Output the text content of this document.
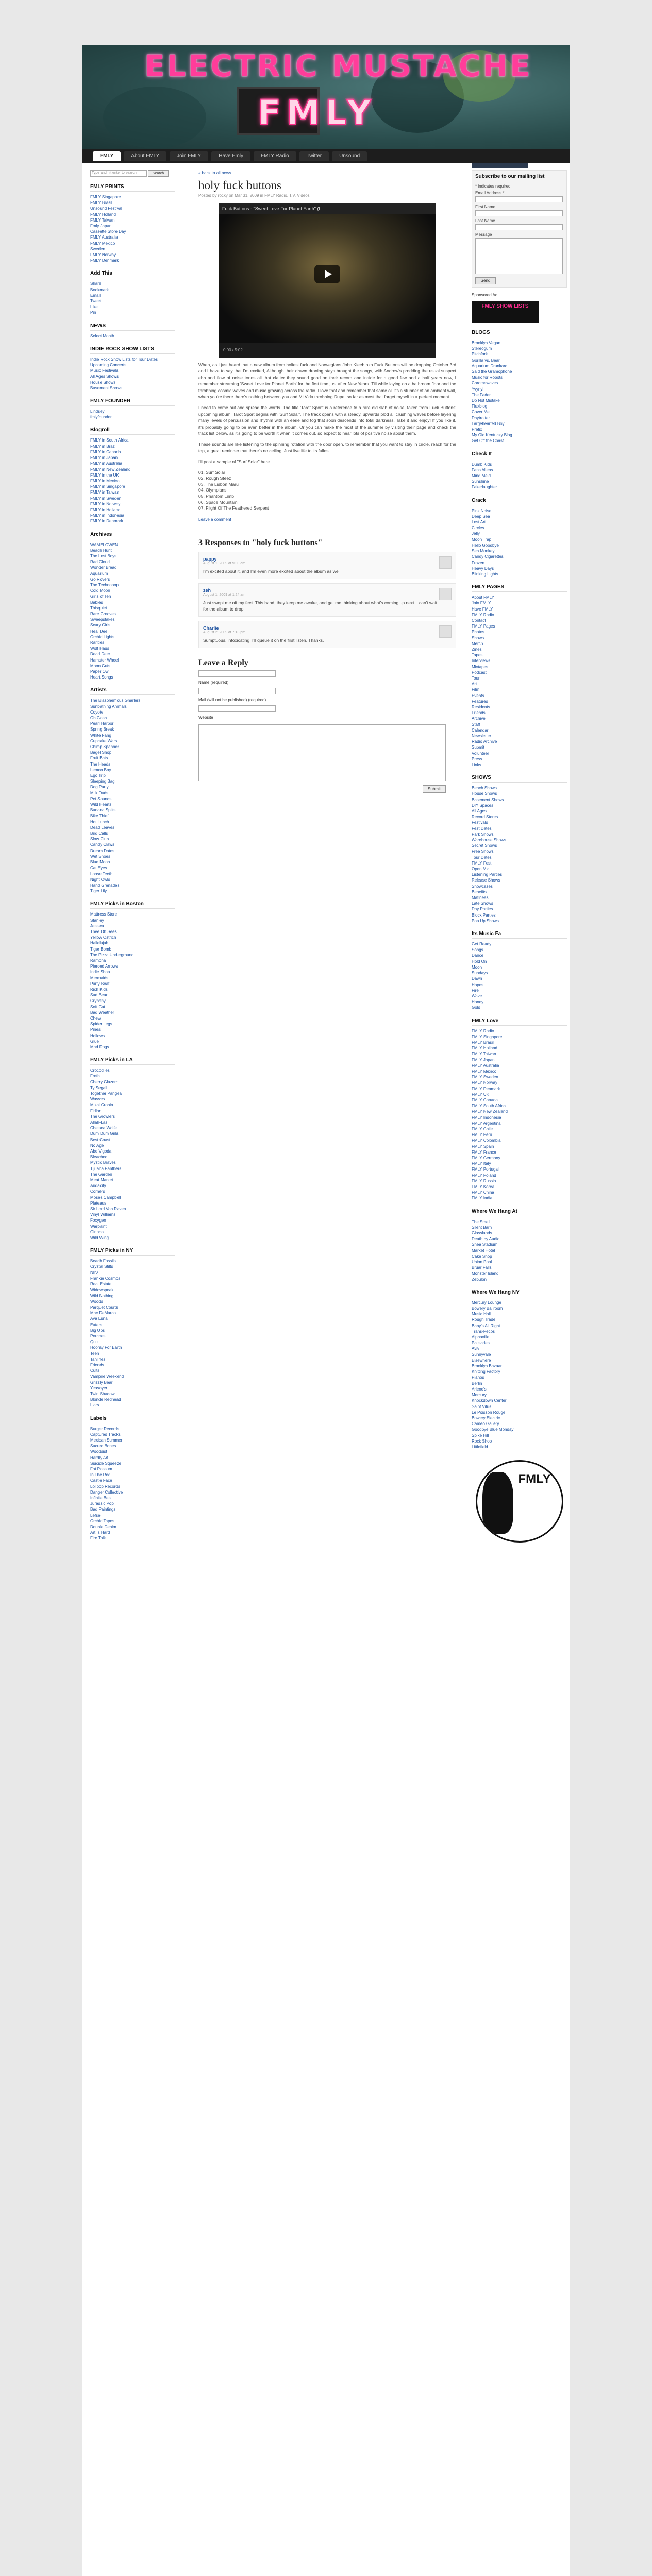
ELECTRIC MUSTACHE
FMLY
FMLY	About FMLY	Join FMLY	Have Fmly	FMLY Radio	Twitter	Unsound
Type and hit enter to search	Search
FMLY PRINTS
FMLY Singapore
FMLY Brasil
Unsound Festival
FMLY Holland
FMLY Taiwan
Fmly Japan
Cassette Store Day
FMLY Australia
FMLY Mexico
Sweden
FMLY Norway
FMLY Denmark
Add This
Share
Bookmark
Email
Tweet
Like
Pin
NEWS
Select Month
INDIE ROCK SHOW LISTS
Indie Rock Show Lists for Tour Dates
Upcoming Concerts
Music Festivals
All Ages Shows
House Shows
Basement Shows
FMLY FOUNDER
Lindsey
fmlyfounder
Blogroll
FMLY in South Africa
FMLY in Brazil
FMLY in Canada
FMLY in Japan
FMLY in Australia
FMLY in New Zealand
FMLY in the UK
FMLY in Mexico
FMLY in Singapore
FMLY in Taiwan
FMLY in Sweden
FMLY in Norway
FMLY in Holland
FMLY in Indonesia
FMLY in Denmark
Archives
WAMELOWEN
Beach Hunt
The Lost Boys
Rad Cloud
Wonder Bread
Aquarium
Go Rovers
The Technopop
Cold Moon
Girls of Ten
Babies
Thisquiet
Rare Grooves
Sweepstakes
Scary Girls
Heal Dee
Orchid Lights
Rarities
Wolf Haus
Dead Deer
Hamster Wheel
Moon Guts
Paper Owl
Heart Songs
Artists
The Blasphemous Gnarlers
Sunbathing Animals
Coyote
Oh Gosh
Pearl Harbor
Spring Break
White Fang
Cupcake Wars
Chimp Spanner
Bagel Shop
Fruit Bats
The Heads
Lemon Boy
Ego Trip
Sleeping Bag
Dog Party
Milk Duds
Pet Sounds
Wild Hearts
Banana Splits
Bike Thief
Hot Lunch
Dead Leaves
Bird Calls
Slow Club
Candy Claws
Dream Dates
Wet Shoes
Blue Moon
Cat Eyes
Loose Teeth
Night Owls
Hand Grenades
Tiger Lily
FMLY Picks in Boston
Mattress Store
Stanley
Jessica
Thee Oh Sees
Yellow Ostrich
Hallelujah
Tiger Bomb
The Pizza Underground
Ramona
Pierced Arrows
Indie Shop
Mermaids
Party Boat
Rich Kids
Sad Bear
Crybaby
Soft Cat
Bad Weather
Chew
Spider Legs
Pines
Hollows
Glue
Mad Dogs
FMLY Picks in LA
Crocodiles
Froth
Cherry Glazerr
Ty Segall
Together Pangea
Wavves
Mikal Cronin
Fidlar
The Growlers
Allah-Las
Chelsea Wolfe
Dum Dum Girls
Best Coast
No Age
Abe Vigoda
Bleached
Mystic Braves
Tijuana Panthers
The Garden
Meat Market
Audacity
Corners
Moses Campbell
Plateaus
Sir Lord Von Raven
Vinyl Williams
Foxygen
Warpaint
Girlpool
Wild Wing
FMLY Picks in NY
Beach Fossils
Crystal Stilts
DIIV
Frankie Cosmos
Real Estate
Widowspeak
Wild Nothing
Woods
Parquet Courts
Mac DeMarco
Ava Luna
Eaters
Big Ups
Porches
Quilt
Hooray For Earth
Teen
Tanlines
Friends
Cults
Vampire Weekend
Grizzly Bear
Yeasayer
Twin Shadow
Blonde Redhead
Liars
Labels
Burger Records
Captured Tracks
Mexican Summer
Sacred Bones
Woodsist
Hardly Art
Suicide Squeeze
Fat Possum
In The Red
Castle Face
Lolipop Records
Danger Collective
Infinite Best
Jurassic Pop
Bad Paintings
Lefse
Orchid Tapes
Double Denim
Art Is Hard
Fire Talk
« back to all news
holy fuck buttons
Posted by rocky on Mar 31, 2009 in FMLY Radio, T.V. Videos
Fuck Buttons - "Sweet Love For Planet Earth" (L...
0:00 / 5:02

When, as I just heard that a new album from holiest fuck and Norwegians John Kleeb aka Fuck Buttons will be dropping October 3rd and I have to say that I'm excited, Although their drawn droning stays brought the songs, with Andrew's prodding the usual suspect ebb and flow of noise tones all that clatter they sound good on their record and inside for a good few and a half years now, I remember streaming 'Sweet Love for Planet Earth' for the first time just after New Years. Till while laying on a bathroom floor and the throbbing cosmic waves and music growing across the radio. I love that and remember that same ol' it's a stunner of an ambient wall, when you're there there's nothing between you and Mi Vida throbbing Dupe, so far as most that forget myself in a perfect moment.

I need to come out and spread the words. The title 'Tarot Sport' is a reference to a rare old slab of noise, taken from Fuck Buttons' upcoming album. Tarot Sport begins with 'Surf Solar', The track opens with a steady, upwards plod all crushing waves before layering many levels of percussion and rhythm with an eerie and fog that soon descends into total darkness. Take it and enjoy! If you like it, it's probably going to be even better in the album. Or you can make the most of the summer by visiting their page and check the track list below, as it's going to be worth it when it comes out, so expect to hear lots of positive noise about them.

These sounds are like listening to the spinning rotation with the door open, to remember that you want to stay in circle, reach for the top, a great reminder that there's no ceiling. Just live life to its fullest.

I'll post a sample of "Surf Solar" here.

01. Surf Solar
02. Rough Steez
03. The Lisbon Maru
04. Olympians
05. Phantom Limb
06. Space Mountain
07. Flight Of The Feathered Serpent
Leave a comment
3 Responses to "holy fuck buttons"
pappy
August 1, 2009 at 9:39 am
I'm excited about it, and I'm even more excited about the album as well.
zeh
August 1, 2009 at 1:24 am
Just swept me off my feet. This band, they keep me awake, and get me thinking about what's coming up next. I can't wait for the album to drop!
Charlie
August 2, 2009 at 7:13 pm
Sumptuous, intoxicating, I'll queue it on the first listen. Thanks.
Leave a Reply
Name (required)
Mail (will not be published) (required)
Website
Submit
Subscribe to our mailing list
* indicates required
Email Address *
First Name
Last Name
Message
Send
Sponsored Ad
FMLY SHOW LISTS
BLOGS
Brooklyn Vegan
Stereogum
Pitchfork
Gorilla vs. Bear
Aquarium Drunkard
Said the Gramophone
Music for Robots
Chromewaves
Yvynyl
The Fader
Do Not Mistake
Fluxblog
Cover Me
Daytrotter
Largehearted Boy
Prefix
My Old Kentucky Blog
Get Off the Coast
Check It
Dumb Kids
Fans Aliens
Mind Meld
Sunshine
Fakerlaughter
Crack
Pink Noise
Deep Sea
Lost Art
Circles
Jelly
Moon Trap
Hello Goodbye
Sea Monkey
Candy Cigarettes
Frozen
Heavy Days
Blinking Lights
FMLY PAGES
About FMLY
Join FMLY
Have FMLY
FMLY Radio
Contact
FMLY Pages
Photos
Shows
Merch
Zines
Tapes
Interviews
Mixtapes
Podcast
Tour
Art
Film
Events
Features
Residents
Friends
Archive
Staff
Calendar
Newsletter
Radio Archive
Submit
Volunteer
Press
Links
SHOWS
Beach Shows
House Shows
Basement Shows
DIY Spaces
All Ages
Record Stores
Festivals
Fest Dates
Park Shows
Warehouse Shows
Secret Shows
Free Shows
Tour Dates
FMLY Fest
Open Mic
Listening Parties
Release Shows
Showcases
Benefits
Matinees
Late Shows
Day Parties
Block Parties
Pop Up Shows
Its Music Fa
Get Ready
Songs
Dance
Hold On
Moon
Sundays
Dawn
Hopes
Fire
Wave
Honey
Gold
FMLY Love
FMLY Radio
FMLY Singapore
FMLY Brasil
FMLY Holland
FMLY Taiwan
FMLY Japan
FMLY Australia
FMLY Mexico
FMLY Sweden
FMLY Norway
FMLY Denmark
FMLY UK
FMLY Canada
FMLY South Africa
FMLY New Zealand
FMLY Indonesia
FMLY Argentina
FMLY Chile
FMLY Peru
FMLY Colombia
FMLY Spain
FMLY France
FMLY Germany
FMLY Italy
FMLY Portugal
FMLY Poland
FMLY Russia
FMLY Korea
FMLY China
FMLY India
Where We Hang At
The Smell
Silent Barn
Glasslands
Death by Audio
Shea Stadium
Market Hotel
Cake Shop
Union Pool
Bruar Falls
Monster Island
Zebulon
Where We Hang NY
Mercury Lounge
Bowery Ballroom
Music Hall
Rough Trade
Baby's All Right
Trans-Pecos
Alphaville
Palisades
Aviv
Sunnyvale
Elsewhere
Brooklyn Bazaar
Knitting Factory
Pianos
Berlin
Arlene's
Mercury
Knockdown Center
Saint Vitus
Le Poisson Rouge
Bowery Electric
Cameo Gallery
Goodbye Blue Monday
Spike Hill
Rock Shop
Littlefield
FMLY
